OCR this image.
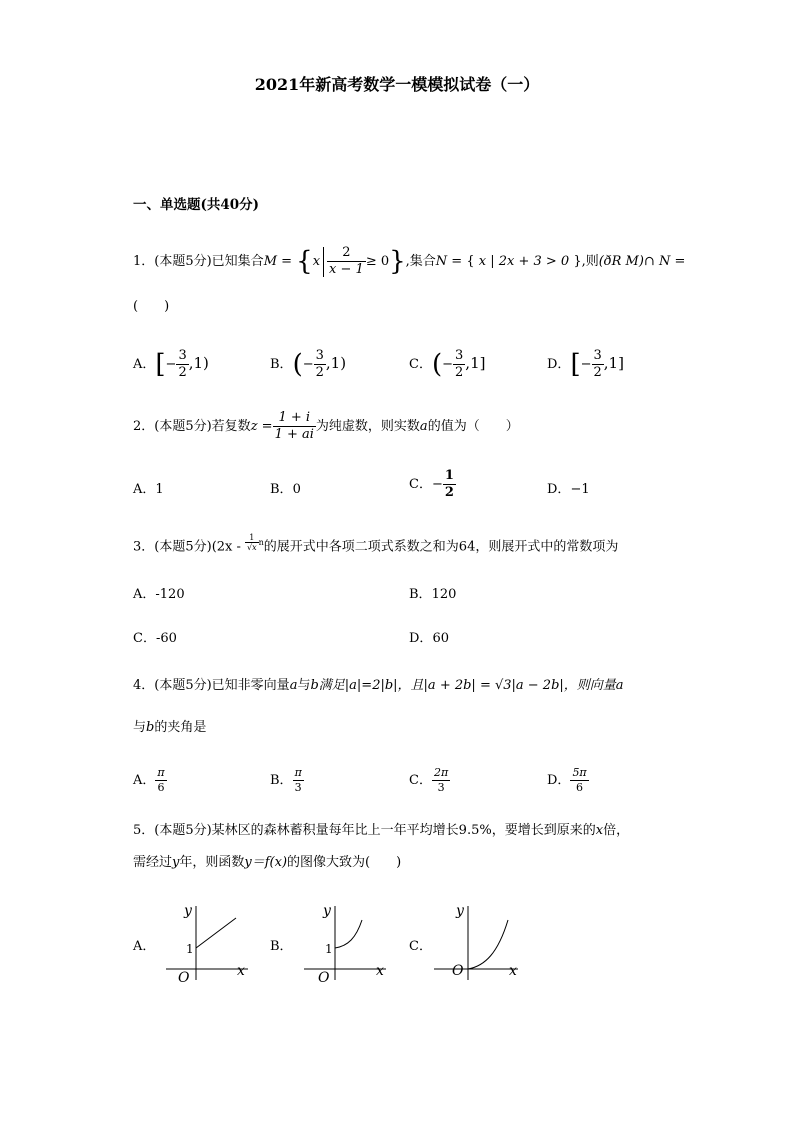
2021年新高考数学一模模拟试卷（一）
一、单选题(共40分)
1．(本题5分)已知集合$M = \{x \frac{2}{x - 1} \ge 0\}$,集合N = { x | 2x + 3 > 0 },则(ðR M)∩ N =
(　　)
A．[− $\frac{3}{2} ,1$)	B．(− $\frac{3}{2} ,1$)	C．(− $\frac{3}{2} ,1$]	D．[− $\frac{3}{2} ,1$]
2．(本题5分)若复数$z = \frac{1 + i}{1 + ai}$ 为纯虚数，则实数a的值为（　　）
A．1	B．0	C．− $\frac{1}{2}$	D．−1
3．(本题5分)($2x - \frac{1}{√x} ^n$的展开式中各项二项式系数之和为64，则展开式中的常数项为
A．-120	B．120
C．-60	D．60
4．(本题5分)已知非零向量a与b满足|a|=2|b|，且|a + 2b| = √3|a − 2b|，则向量a
与b的夹角是
A． $\frac{\pi}{6}$	B． $\frac{\pi}{3}$	C． $\frac{2\pi}{3}$	D． $\frac{5\pi}{6}$
5．(本题5分)某林区的森林蓄积量每年比上一年平均增长9.5%，要增长到原来的x倍，
需经过y年，则函数y＝f(x)的图像大致为(　　)
A．
y
x
O
1	B．
y
x
O
1	C．
y
x
O
